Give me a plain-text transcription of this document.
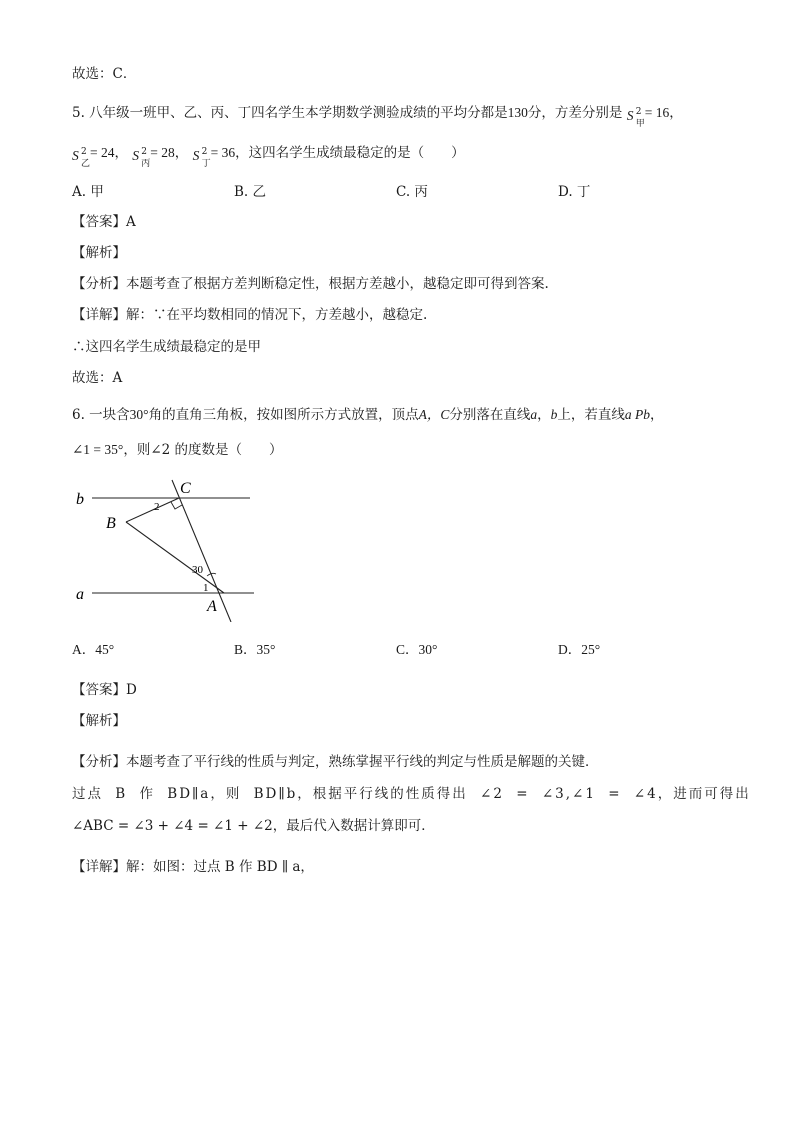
故选：C．
5. 八年级一班甲、乙、丙、丁四名学生本学期数学测验成绩的平均分都是130分，方差分别是 S 2
甲
= 16，
S 2
乙
= 24， S 2
丙
= 28， S 2
丁
= 36，这四名学生成绩最稳定的是（　　）
A. 甲	B. 乙	C. 丙	D. 丁
【答案】A
【解析】
【分析】本题考查了根据方差判断稳定性，根据方差越小，越稳定即可得到答案.
【详解】解：∵在平均数相同的情况下，方差越小，越稳定.
∴这四名学生成绩最稳定的是甲
故选：A
6. 一块含30°角的直角三角板，按如图所示方式放置，顶点A，C分别落在直线a，b上，若直线a Pb，
∠1 = 35°，则∠2 的度数是（　　）
b
a
C
B
A
2
1
30
A．45°	B．35°	C．30°	D．25°
【答案】D
【解析】
【分析】本题考查了平行线的性质与判定，熟练掌握平行线的判定与性质是解题的关键．
过点 B 作 BD∥a，则 BD∥b，根据平行线的性质得出 ∠2 = ∠3,∠1 = ∠4，进而可得出
∠ABC = ∠3 + ∠4 = ∠1 + ∠2，最后代入数据计算即可．
【详解】解：如图：过点 B 作 BD ∥ a，
